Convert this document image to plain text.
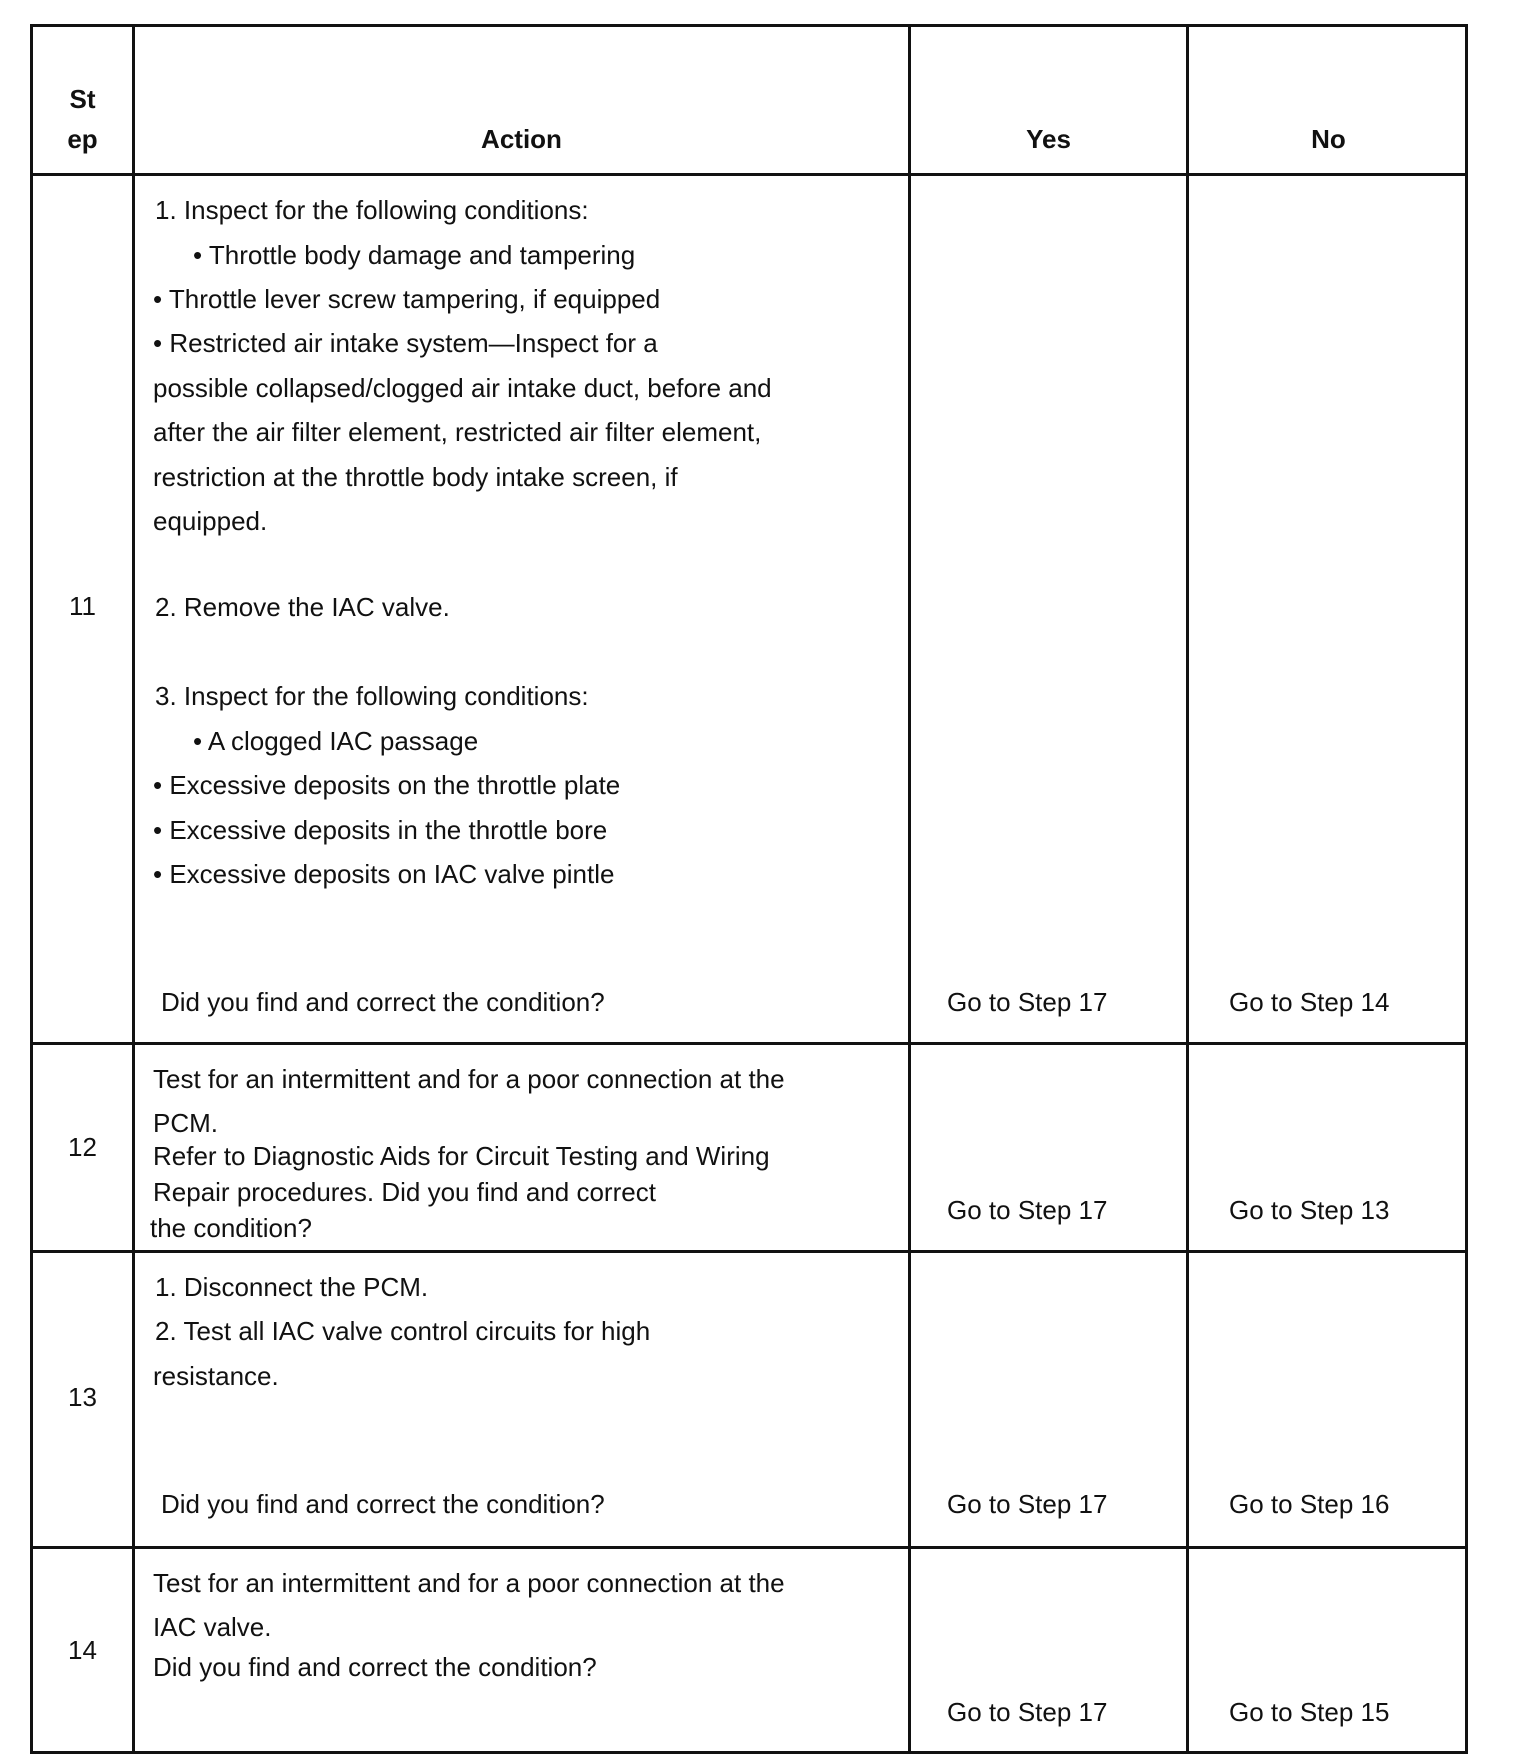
St
ep	Action	Yes	No
11
1. Inspect for the following conditions:
• Throttle body damage and tampering
• Throttle lever screw tampering, if equipped
• Restricted air intake system—Inspect for a
possible collapsed/clogged air intake duct, before and
after the air filter element, restricted air filter element,
restriction at the throttle body intake screen, if
equipped.
2. Remove the IAC valve.
3. Inspect for the following conditions:
• A clogged IAC passage
• Excessive deposits on the throttle plate
• Excessive deposits in the throttle bore
• Excessive deposits on IAC valve pintle
Did you find and correct the condition?	Go to Step 17	Go to Step 14
12
Test for an intermittent and for a poor connection at the
PCM.
Refer to Diagnostic Aids for Circuit Testing and Wiring
Repair procedures. Did you find and correct
the condition?
Go to Step 17	Go to Step 13
13
1. Disconnect the PCM.
2. Test all IAC valve control circuits for high
resistance.
Did you find and correct the condition?	Go to Step 17	Go to Step 16
14
Test for an intermittent and for a poor connection at the
IAC valve.
Did you find and correct the condition?
Go to Step 17	Go to Step 15
